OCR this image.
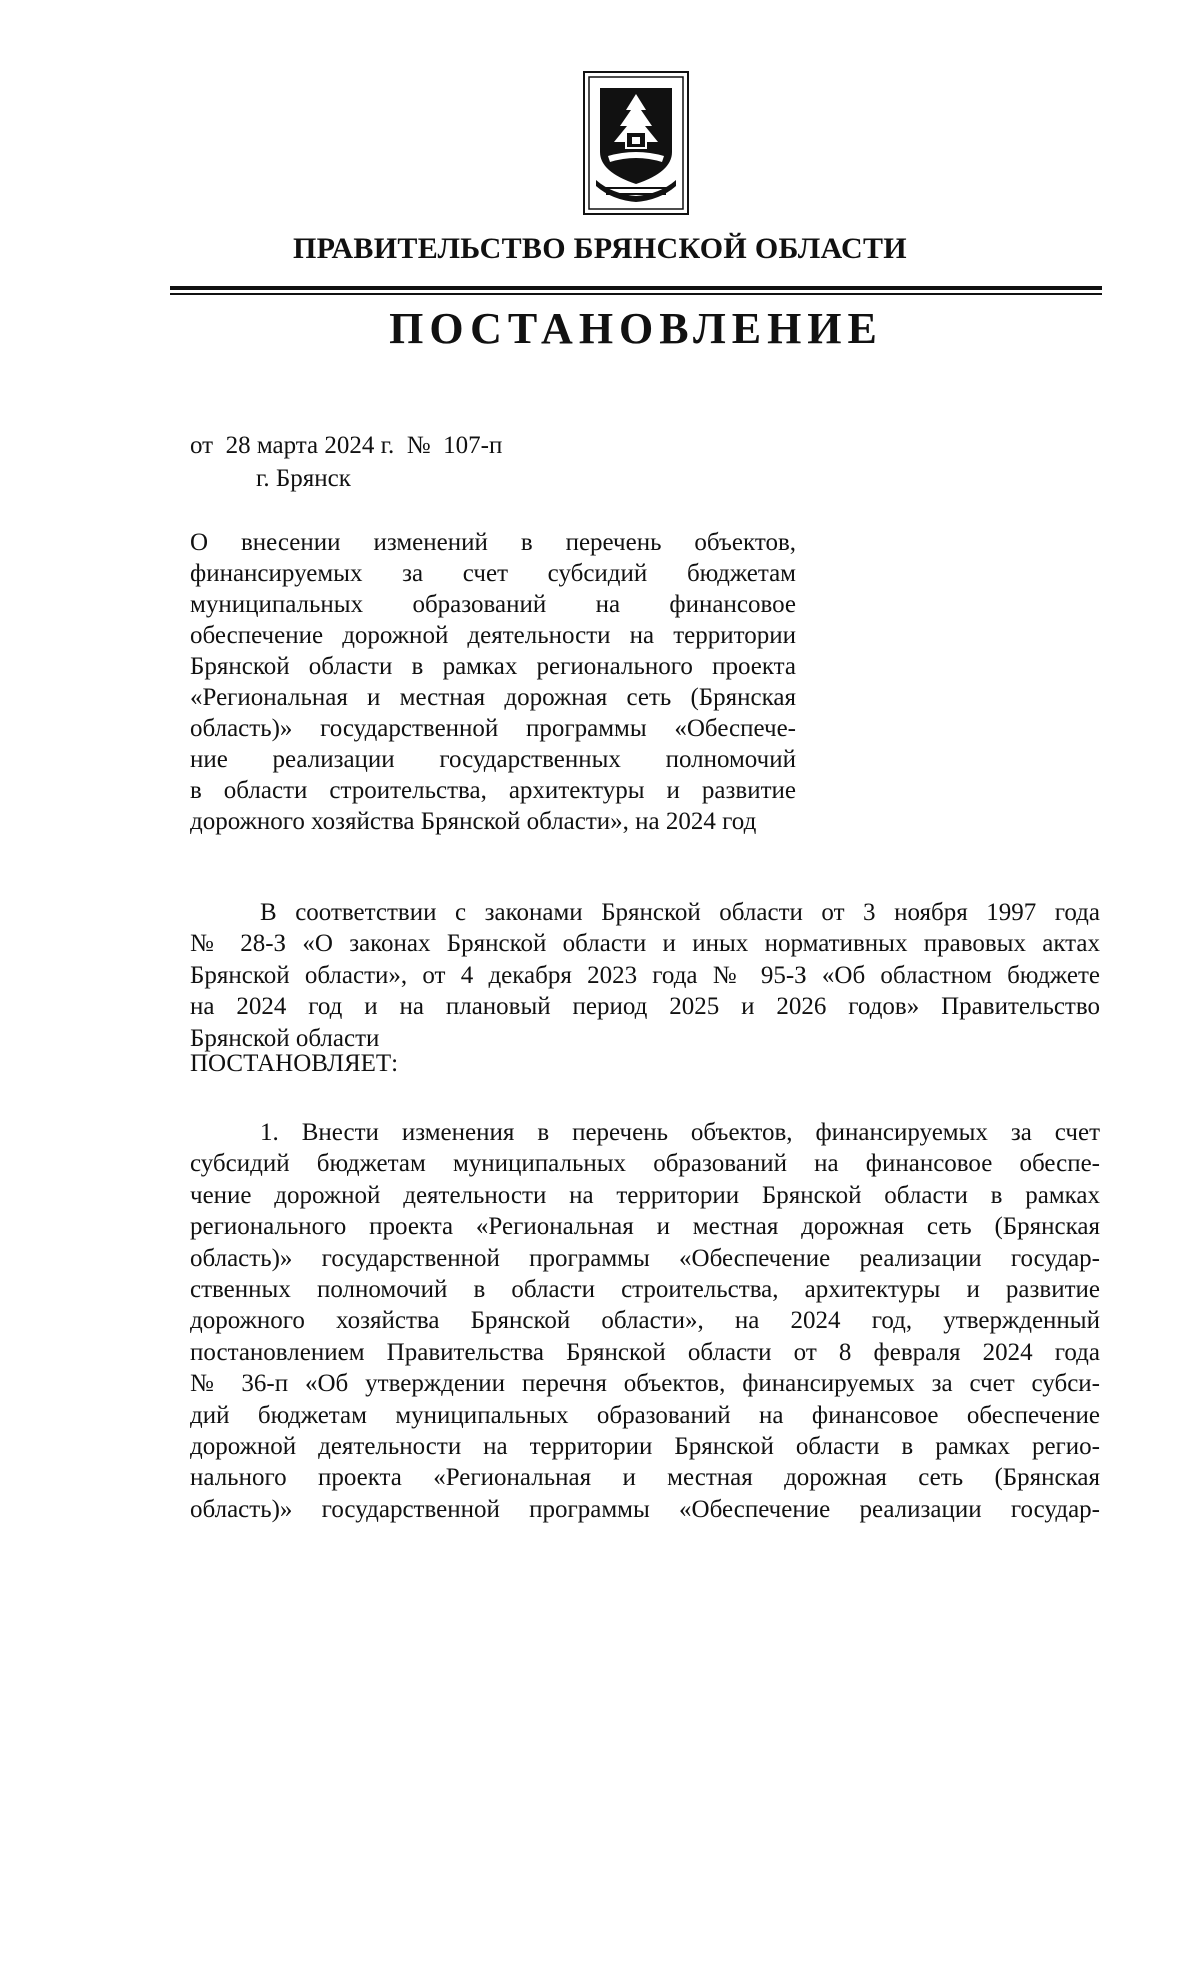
ПРАВИТЕЛЬСТВО БРЯНСКОЙ ОБЛАСТИ
ПОСТАНОВЛЕНИЕ
от  28 марта 2024 г.  №  107-п
г. Брянск
О внесении изменений в перечень объектов,
финансируемых за счет субсидий бюджетам
муниципальных образований на финансовое
обеспечение дорожной деятельности на территории
Брянской области в рамках регионального проекта
«Региональная и местная дорожная сеть (Брянская
область)» государственной программы «Обеспече-
ние реализации государственных полномочий
в области строительства, архитектуры и развитие
дорожного хозяйства Брянской области», на 2024 год
В соответствии с законами Брянской области от 3 ноября 1997 года
№ 28-З «О законах Брянской области и иных нормативных правовых актах
Брянской области», от 4 декабря 2023 года № 95-З «Об областном бюджете
на 2024 год и на плановый период 2025 и 2026 годов» Правительство
Брянской области
ПОСТАНОВЛЯЕТ:
1. Внести изменения в перечень объектов, финансируемых за счет
субсидий бюджетам муниципальных образований на финансовое обеспе-
чение дорожной деятельности на территории Брянской области в рамках
регионального проекта «Региональная и местная дорожная сеть (Брянская
область)» государственной программы «Обеспечение реализации государ-
ственных полномочий в области строительства, архитектуры и развитие
дорожного хозяйства Брянской области», на 2024 год, утвержденный
постановлением Правительства Брянской области от 8 февраля 2024 года
№ 36-п «Об утверждении перечня объектов, финансируемых за счет субси-
дий бюджетам муниципальных образований на финансовое обеспечение
дорожной деятельности на территории Брянской области в рамках регио-
нального проекта «Региональная и местная дорожная сеть (Брянская
область)» государственной программы «Обеспечение реализации государ-
